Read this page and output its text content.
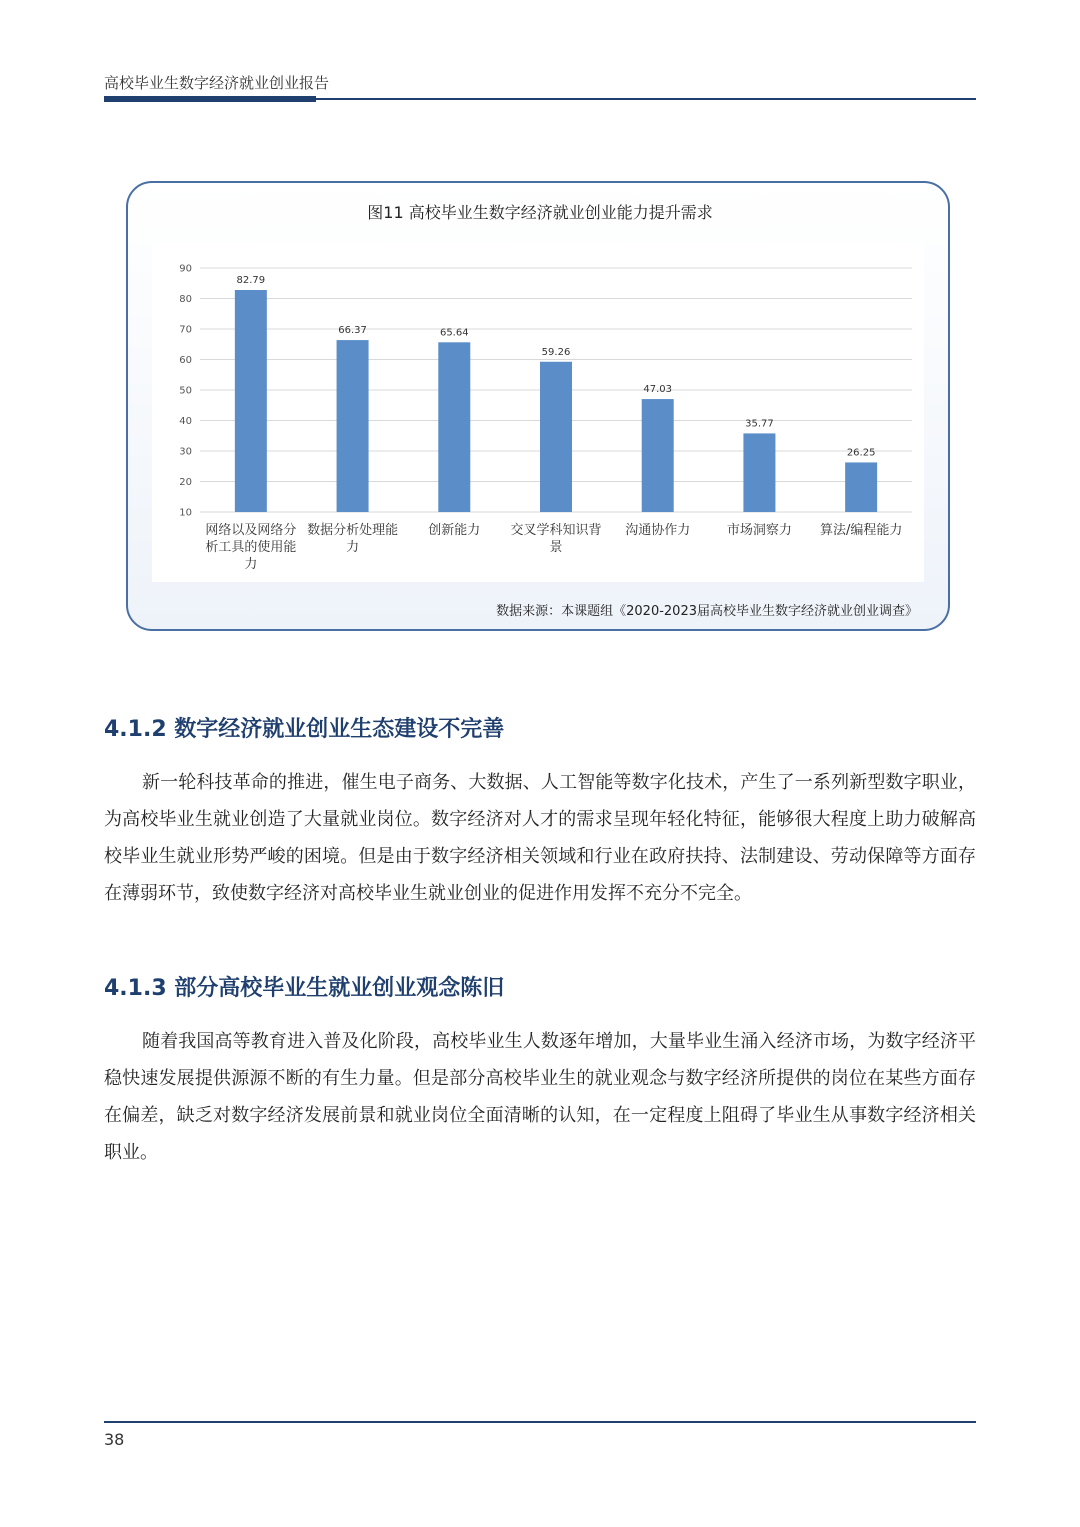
高校毕业生数字经济就业创业报告
图11 高校毕业生数字经济就业创业能力提升需求
10
20
30
40
50
60
70
80
90
82.79
网络以及网络分
析工具的使用能
力
66.37
数据分析处理能
力
65.64
创新能力
59.26
交叉学科知识背
景
47.03
沟通协作力
35.77
市场洞察力
26.25
算法/编程能力
数据来源：本课题组《2020-2023届高校毕业生数字经济就业创业调查》
4.1.2 数字经济就业创业生态建设不完善

新一轮科技革命的推进，催生电子商务、大数据、人工智能等数字化技术，产生了一系列新型数字职业，为高校毕业生就业创造了大量就业岗位。数字经济对人才的需求呈现年轻化特征，能够很大程度上助力破解高校毕业生就业形势严峻的困境。但是由于数字经济相关领域和行业在政府扶持、法制建设、劳动保障等方面存在薄弱环节，致使数字经济对高校毕业生就业创业的促进作用发挥不充分不完全。

4.1.3 部分高校毕业生就业创业观念陈旧

随着我国高等教育进入普及化阶段，高校毕业生人数逐年增加，大量毕业生涌入经济市场，为数字经济平稳快速发展提供源源不断的有生力量。但是部分高校毕业生的就业观念与数字经济所提供的岗位在某些方面存在偏差，缺乏对数字经济发展前景和就业岗位全面清晰的认知，在一定程度上阻碍了毕业生从事数字经济相关职业。

38
